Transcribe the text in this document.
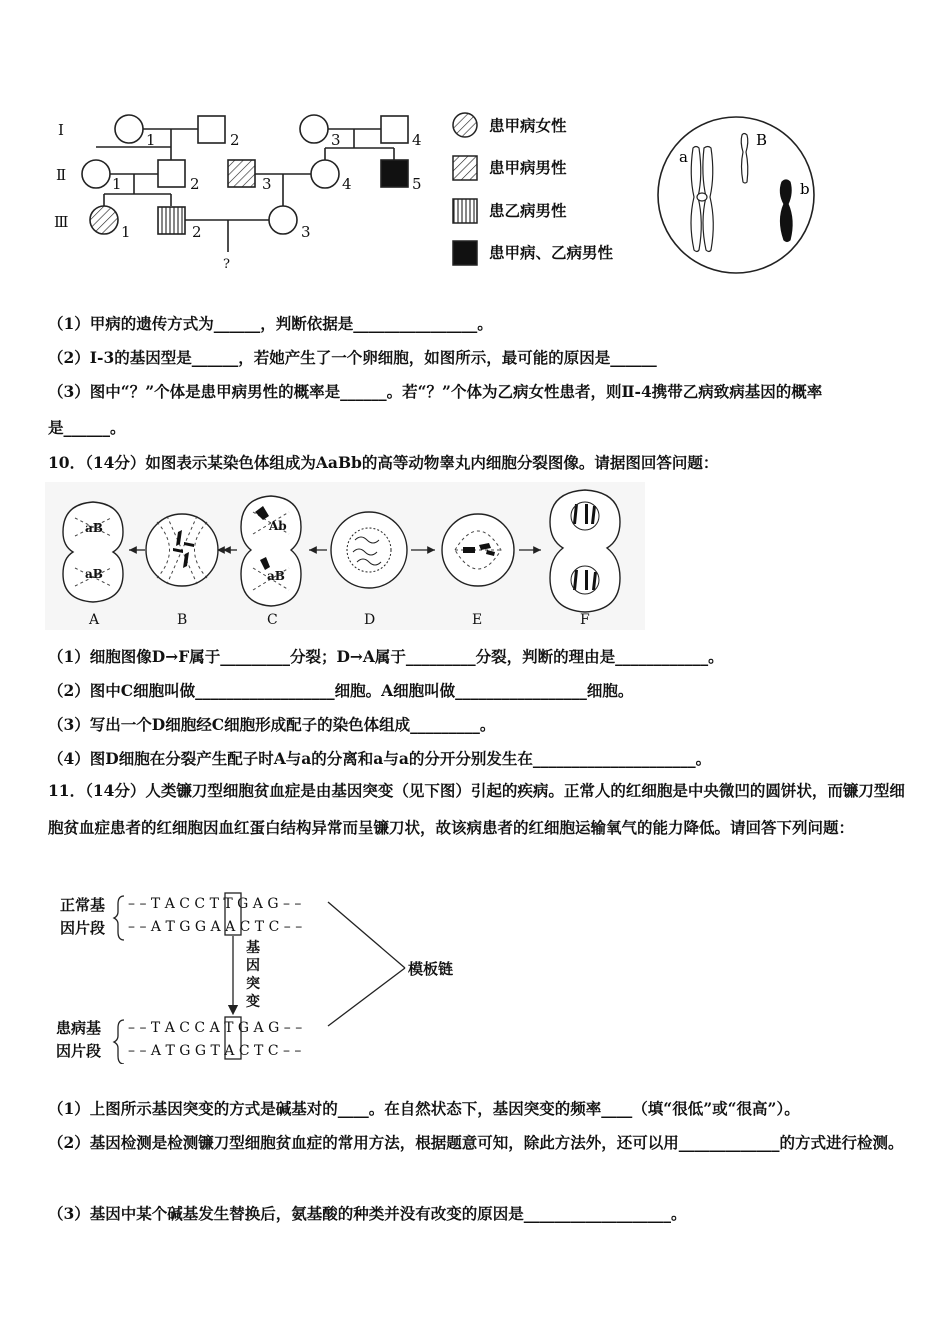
Ⅰ
Ⅱ
Ⅲ
1	2	3	4
1	2	3	4	5
1	2	3
?
患甲病女性
患甲病男性
患乙病男性
患甲病、乙病男性
a
B
b
（1）甲病的遗传方式为______，判断依据是________________。
（2）Ⅰ-3的基因型是______，若她产生了一个卵细胞，如图所示，最可能的原因是______
（3）图中“？”个体是患甲病男性的概率是______。若“？”个体为乙病女性患者，则Ⅱ-4携带乙病致病基因的概率
是______。
10．（14分）如图表示某染色体组成为AaBb的高等动物睾丸内细胞分裂图像。请据图回答问题：
aB
aB
Ab
aB
A	B	C	D	E	F
（1）细胞图像D→F属于_________分裂；D→A属于_________分裂，判断的理由是____________。
（2）图中C细胞叫做__________________细胞。A细胞叫做_________________细胞。
（3）写出一个D细胞经C细胞形成配子的染色体组成_________。
（4）图D细胞在分裂产生配子时A与a的分离和a与a的分开分别发生在_____________________。
11．（14分）人类镰刀型细胞贫血症是由基因突变（见下图）引起的疾病。正常人的红细胞是中央微凹的圆饼状，而镰刀型细胞贫血症患者的红细胞因血红蛋白结构异常而呈镰刀状，故该病患者的红细胞运输氧气的能力降低。请回答下列问题：
正常基
因片段
患病基
因片段
– – T A C C T T G A G – –
– – A T G G A A C T C – –
– – T A C C A T G A G – –
– – A T G G T A C T C – –
基
因
突
变
模板链
（1）上图所示基因突变的方式是碱基对的____。在自然状态下，基因突变的频率____（填“很低”或“很高”）。
（2）基因检测是检测镰刀型细胞贫血症的常用方法，根据题意可知，除此方法外，还可以用_____________的方式进行检测。
（3）基因中某个碱基发生替换后，氨基酸的种类并没有改变的原因是___________________。
